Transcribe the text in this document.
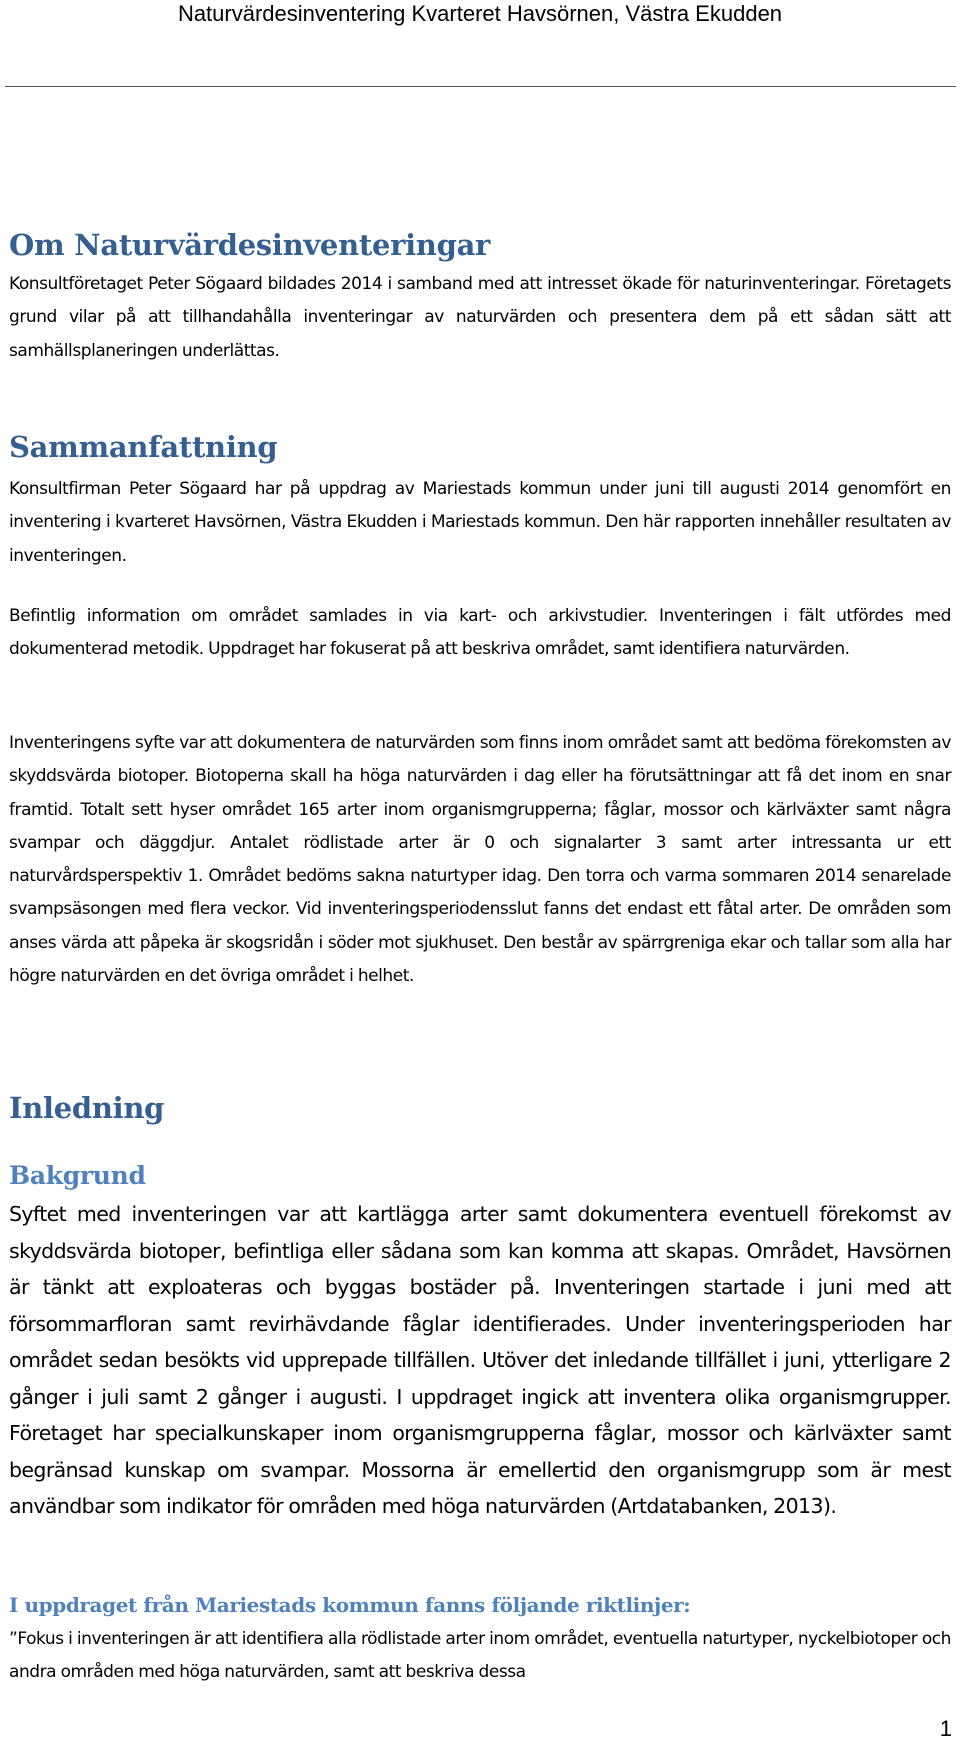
Naturvärdesinventering Kvarteret Havsörnen, Västra Ekudden
Om Naturvärdesinventeringar

Konsultföretaget Peter Sögaard bildades 2014 i samband med att intresset ökade för naturinventeringar. Företagets grund vilar på att tillhandahålla inventeringar av naturvärden och presentera dem på ett sådan sätt att samhällsplaneringen underlättas.

Sammanfattning

Konsultfirman Peter Sögaard har på uppdrag av Mariestads kommun under juni till augusti 2014 genomfört en inventering i kvarteret Havsörnen, Västra Ekudden i Mariestads kommun. Den här rapporten innehåller resultaten av inventeringen.

Befintlig information om området samlades in via kart- och arkivstudier. Inventeringen i fält utfördes med dokumenterad metodik. Uppdraget har fokuserat på att beskriva området, samt identifiera naturvärden.

Inventeringens syfte var att dokumentera de naturvärden som finns inom området samt att bedöma förekomsten av skyddsvärda biotoper. Biotoperna skall ha höga naturvärden i dag eller ha förutsättningar att få det inom en snar framtid. Totalt sett hyser området 165 arter inom organismgrupperna; fåglar, mossor och kärlväxter samt några svampar och däggdjur. Antalet rödlistade arter är 0 och signalarter 3 samt arter intressanta ur ett naturvårdsperspektiv 1. Området bedöms sakna naturtyper idag. Den torra och varma sommaren 2014 senarelade svampsäsongen med flera veckor. Vid inventeringsperiodensslut fanns det endast ett fåtal arter. De områden som anses värda att påpeka är skogsridån i söder mot sjukhuset. Den består av spärrgreniga ekar och tallar som alla har högre naturvärden en det övriga området i helhet.

Inledning
Bakgrund

Syftet med inventeringen var att kartlägga arter samt dokumentera eventuell förekomst av skyddsvärda biotoper, befintliga eller sådana som kan komma att skapas. Området, Havsörnen är tänkt att exploateras och byggas bostäder på. Inventeringen startade i juni med att försommarfloran samt revirhävdande fåglar identifierades. Under inventeringsperioden har området sedan besökts vid upprepade tillfällen. Utöver det inledande tillfället i juni, ytterligare 2 gånger i juli samt 2 gånger i augusti. I uppdraget ingick att inventera olika organismgrupper. Företaget har specialkunskaper inom organismgrupperna fåglar, mossor och kärlväxter samt begränsad kunskap om svampar. Mossorna är emellertid den organismgrupp som är mest användbar som indikator för områden med höga naturvärden (Artdatabanken, 2013).

I uppdraget från Mariestads kommun fanns följande riktlinjer:

”Fokus i inventeringen är att identifiera alla rödlistade arter inom området, eventuella naturtyper, nyckelbiotoper och andra områden med höga naturvärden, samt att beskriva dessa

1
